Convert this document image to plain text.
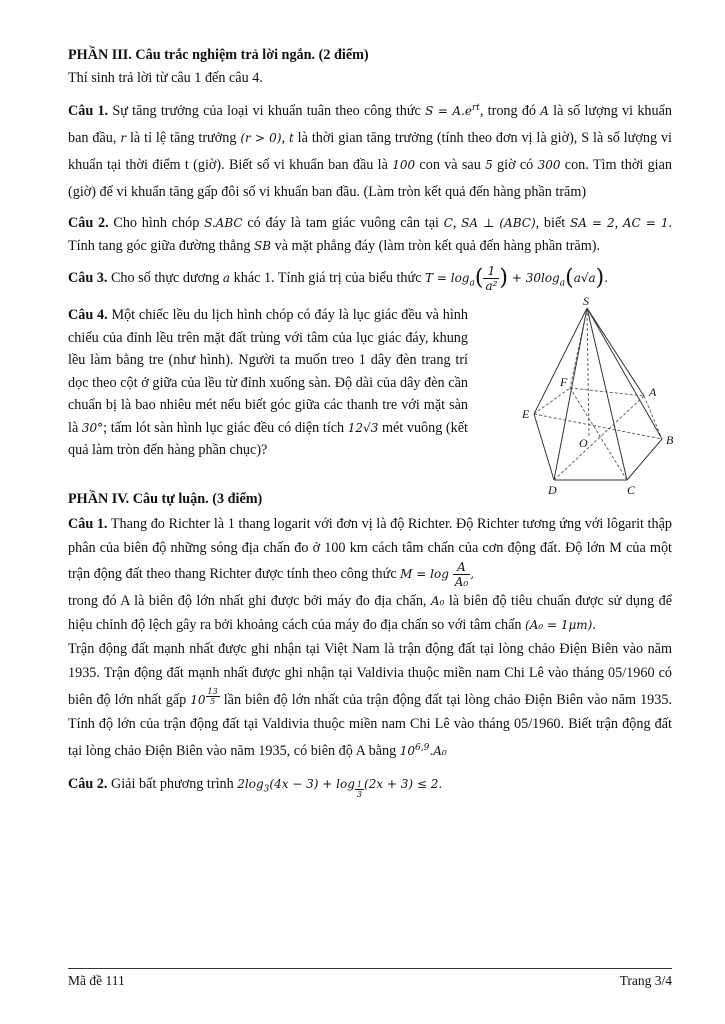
PHẦN III. Câu trắc nghiệm trả lời ngắn. (2 điểm)

Thí sinh trả lời từ câu 1 đến câu 4.

Câu 1. Sự tăng trưởng của loại vi khuẩn tuân theo công thức $S = A.e^{rt}$, trong đó A là số lượng vi khuẩn ban đầu, r là tỉ lệ tăng trưởng (r > 0), t là thời gian tăng trưởng (tính theo đơn vị là giờ), S là số lượng vi khuẩn tại thời điểm t (giờ). Biết số vi khuẩn ban đầu là 100 con và sau 5 giờ có 300 con. Tìm thời gian (giờ) để vi khuẩn tăng gấp đôi số vi khuẩn ban đầu. (Làm tròn kết quả đến hàng phần trăm)

Câu 2. Cho hình chóp S.ABC có đáy là tam giác vuông cân tại C, SA ⊥ (ABC), biết SA = 2, AC = 1. Tính tang góc giữa đường thẳng SB và mặt phẳng đáy (làm tròn kết quả đến hàng phần trăm).

Câu 3. Cho số thực dương a khác 1. Tính giá trị của biểu thức $T = \log_a( \frac{1}{\text{a²}}$ ) + $30\log_a(a√a)$.

Câu 4. Một chiếc lều du lịch hình chóp có đáy là lục giác đều và hình chiếu của đỉnh lều trên mặt đất trùng với tâm của lục giác đáy, khung lều làm bằng tre (như hình). Người ta muốn treo 1 dây đèn trang trí dọc theo cột ở giữa của lều từ đỉnh xuống sàn. Độ dài của dây đèn cần chuẩn bị là bao nhiêu mét nếu biết góc giữa các thanh tre với mặt sàn là 30°; tấm lót sàn hình lục giác đều có diện tích 12√3 mét vuông (kết quả làm tròn đến hàng phần chục)?

S
A
B
C
D
E
F
O

PHẦN IV. Câu tự luận. (3 điểm)

Câu 1. Thang đo Richter là 1 thang logarit với đơn vị là độ Richter. Độ Richter tương ứng với lôgarit thập phân của biên độ những sóng địa chấn đo ở 100 km cách tâm chấn của cơn động đất. Độ lớn M của một trận động đất theo thang Richter được tính theo công thức $M = \log \frac{A}{\text{A₀}}$ ,
trong đó A là biên độ lớn nhất ghi được bởi máy đo địa chấn, A₀ là biên độ tiêu chuẩn được sử dụng để hiệu chỉnh độ lệch gây ra bởi khoảng cách của máy đo địa chấn so với tâm chấn (A₀ = 1μm).
Trận động đất mạnh nhất được ghi nhận tại Việt Nam là trận động đất tại lòng chảo Điện Biên vào năm 1935. Trận động đất mạnh nhất được ghi nhận tại Valdivia thuộc miền nam Chi Lê vào tháng 05/1960 có biên độ lớn nhất gấp 10 $^{\frac{13}{5}}$ lần biên độ lớn nhất của trận động đất tại lòng chảo Điện Biên vào năm 1935. Tính độ lớn của trận động đất tại Valdivia thuộc miền nam Chi Lê vào tháng 05/1960. Biết trận động đất tại lòng chảo Điện Biên vào năm 1935, có biên độ A bằng 10$^{6,9}$.A₀

Câu 2. Giải bất phương trình $2\log_3(4x - 3) + \log _{\frac{1}{3}}$ (2x + 3) ≤ 2.

Mã đề 111	Trang 3/4
